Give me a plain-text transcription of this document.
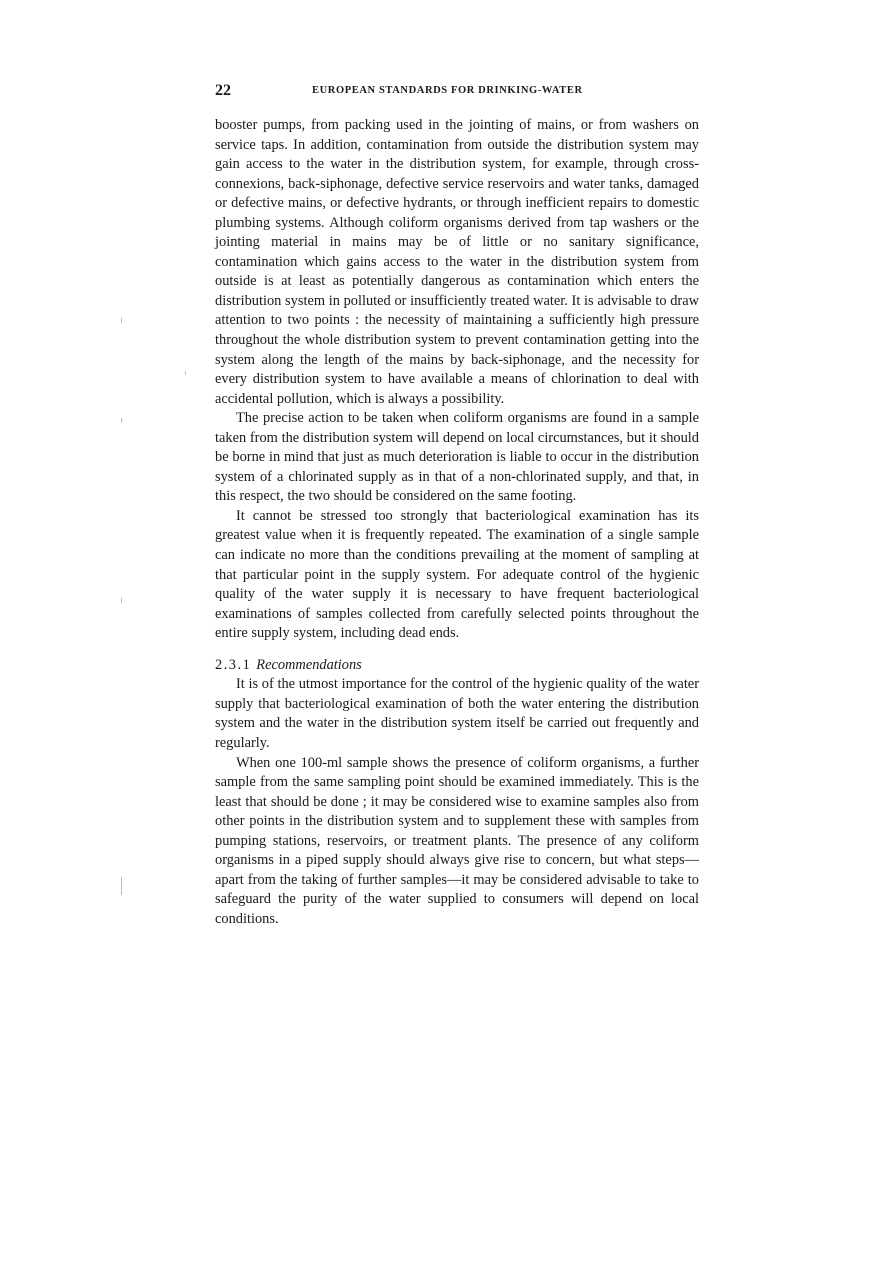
22	EUROPEAN STANDARDS FOR DRINKING-WATER

booster pumps, from packing used in the jointing of mains, or from washers on service taps. In addition, contamination from outside the distribution system may gain access to the water in the distribution system, for example, through cross-connexions, back-siphonage, defective service reservoirs and water tanks, damaged or defective mains, or defective hydrants, or through inefficient repairs to domestic plumbing systems. Although coliform organisms derived from tap washers or the jointing material in mains may be of little or no sanitary significance, contamination which gains access to the water in the distribution system from outside is at least as potentially dangerous as contamination which enters the distribution system in polluted or insufficiently treated water. It is advisable to draw attention to two points : the necessity of maintaining a sufficiently high pressure throughout the whole distribution system to prevent contamination getting into the system along the length of the mains by back-siphonage, and the necessity for every distribution system to have available a means of chlorination to deal with accidental pollution, which is always a possibility.

The precise action to be taken when coliform organisms are found in a sample taken from the distribution system will depend on local circumstances, but it should be borne in mind that just as much deterioration is liable to occur in the distribution system of a chlorinated supply as in that of a non-chlorinated supply, and that, in this respect, the two should be considered on the same footing.

It cannot be stressed too strongly that bacteriological examination has its greatest value when it is frequently repeated. The examination of a single sample can indicate no more than the conditions prevailing at the moment of sampling at that particular point in the supply system. For adequate control of the hygienic quality of the water supply it is necessary to have frequent bacteriological examinations of samples collected from carefully selected points throughout the entire supply system, including dead ends.

2.3.1 Recommendations

It is of the utmost importance for the control of the hygienic quality of the water supply that bacteriological examination of both the water entering the distribution system and the water in the distribution system itself be carried out frequently and regularly.

When one 100-ml sample shows the presence of coliform organisms, a further sample from the same sampling point should be examined immediately. This is the least that should be done ; it may be considered wise to examine samples also from other points in the distribution system and to supplement these with samples from pumping stations, reservoirs, or treatment plants. The presence of any coliform organisms in a piped supply should always give rise to concern, but what steps—apart from the taking of further samples—it may be considered advisable to take to safeguard the purity of the water supplied to consumers will depend on local conditions.
